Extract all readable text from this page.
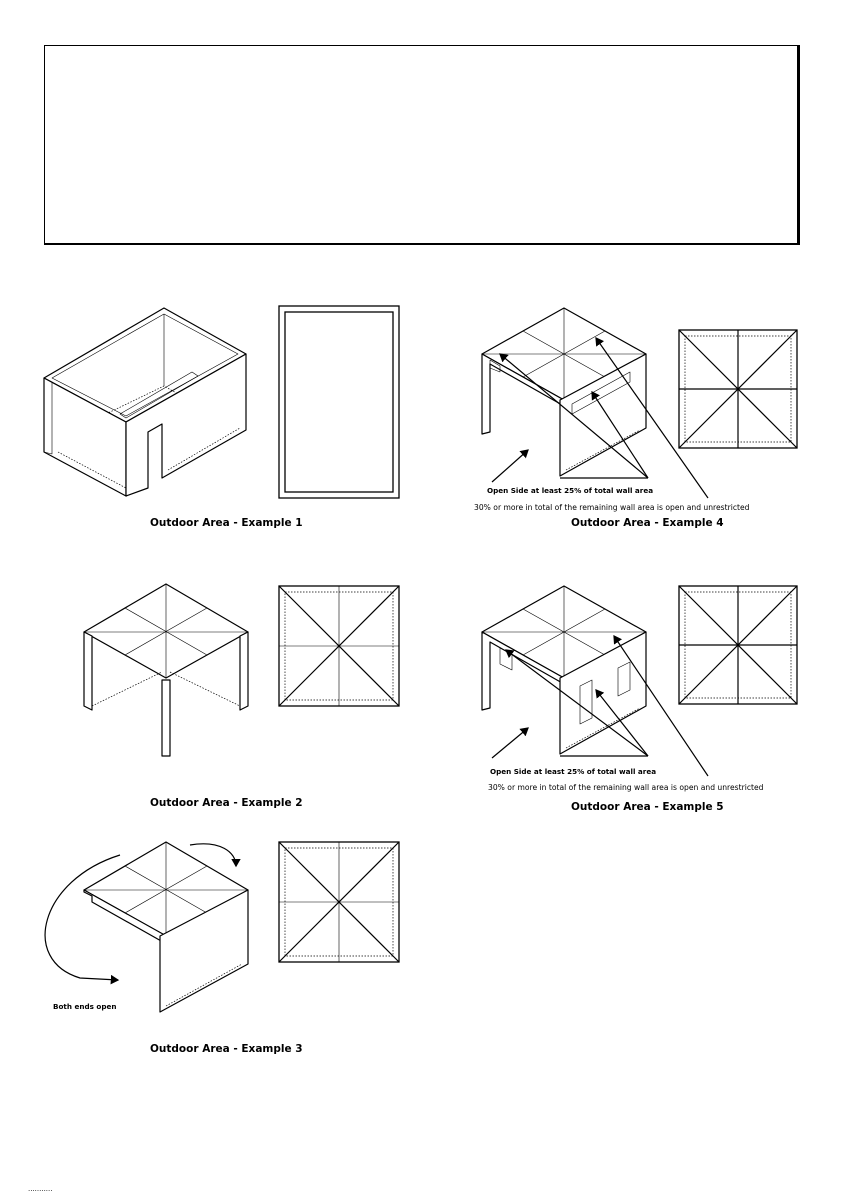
Outdoor Area - Example 1
Outdoor Area - Example 2
Outdoor Area - Example 3
Outdoor Area - Example 4
Outdoor Area - Example 5
Both ends open
Open Side at least 25% of total wall area
30% or more in total of the remaining wall area is open and unrestricted
Open Side at least 25% of total wall area
30% or more in total of the remaining wall area is open and unrestricted
...........
